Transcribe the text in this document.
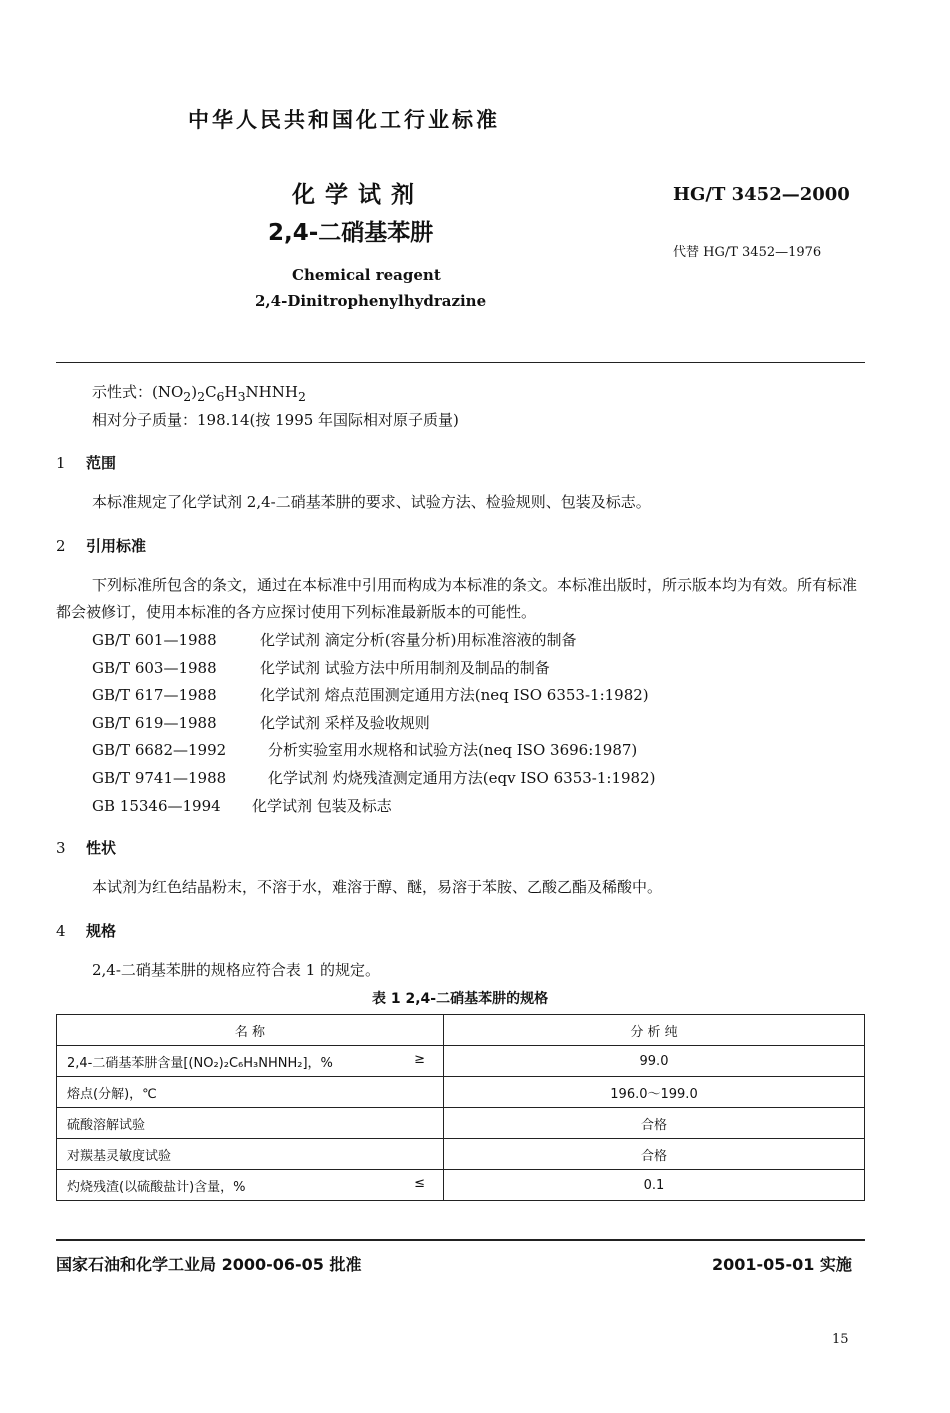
中华人民共和国化工行业标准
化学试剂
2,4-二硝基苯肼
HG/T 3452—2000
代替 HG/T 3452—1976
Chemical reagent
2,4-Dinitrophenylhydrazine
示性式：$(NO_2)_2C_6H_3NHNH_2$
相对分子质量：198.14(按 1995 年国际相对原子质量)
1 范围
本标准规定了化学试剂 2,4-二硝基苯肼的要求、试验方法、检验规则、包装及标志。
2 引用标准
下列标准所包含的条文，通过在本标准中引用而构成为本标准的条文。本标准出版时，所示版本均为有效。所有标准都会被修订，使用本标准的各方应探讨使用下列标准最新版本的可能性。
GB/T 601—1988	化学试剂 滴定分析(容量分析)用标准溶液的制备
GB/T 603—1988	化学试剂 试验方法中所用制剂及制品的制备
GB/T 617—1988	化学试剂 熔点范围测定通用方法(neq ISO 6353-1:1982)
GB/T 619—1988	化学试剂 采样及验收规则
GB/T 6682—1992	分析实验室用水规格和试验方法(neq ISO 3696:1987)
GB/T 9741—1988	化学试剂 灼烧残渣测定通用方法(eqv ISO 6353-1:1982)
GB 15346—1994 化学试剂 包装及标志
3 性状
本试剂为红色结晶粉末，不溶于水，难溶于醇、醚，易溶于苯胺、乙酸乙酯及稀酸中。
4 规格
2,4-二硝基苯肼的规格应符合表 1 的规定。
表 1 2,4-二硝基苯肼的规格
名 称	分 析 纯

2,4-二硝基苯肼含量[(NO₂)₂C₆H₃NHNH₂]，% ≥	99.0

熔点(分解)，℃	196.0～199.0

硫酸溶解试验	合格

对羰基灵敏度试验	合格

灼烧残渣(以硫酸盐计)含量，% ≤	0.1
国家石油和化学工业局 2000-06-05 批准	2001-05-01 实施
15
